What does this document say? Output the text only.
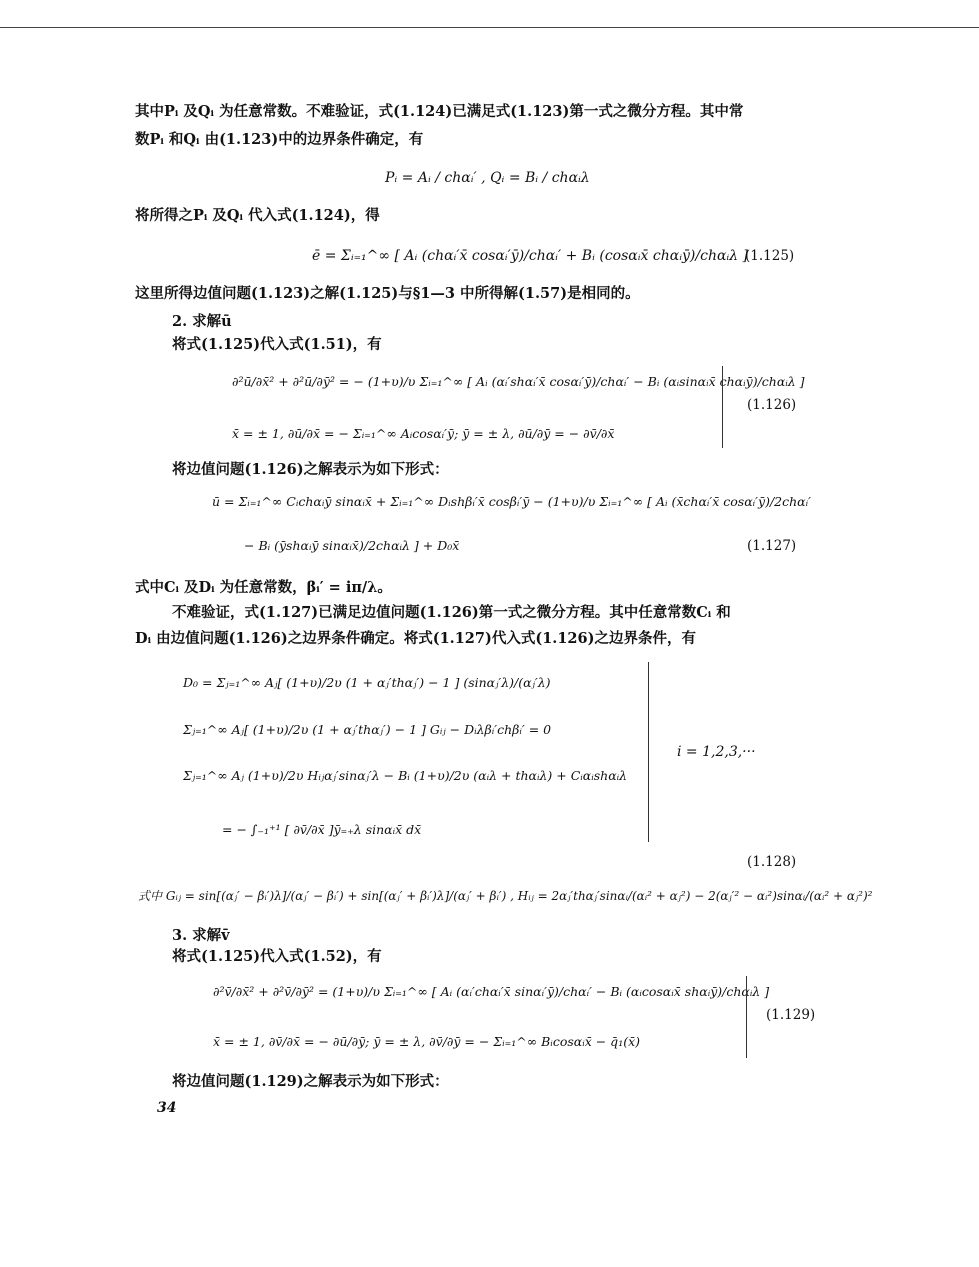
其中Pᵢ 及Qᵢ 为任意常数。不难验证，式(1.124)已满足式(1.123)第一式之微分方程。其中常
数Pᵢ 和Qᵢ 由(1.123)中的边界条件确定，有
Pᵢ = Aᵢ / chαᵢ′ , Qᵢ = Bᵢ / chαᵢλ
将所得之Pᵢ 及Qᵢ 代入式(1.124)，得
ē = Σᵢ₌₁^∞ [ Aᵢ (chαᵢ′x̄ cosαᵢ′ȳ)/chαᵢ′ + Bᵢ (cosαᵢx̄ chαᵢȳ)/chαᵢλ ]
(1.125)
这里所得边值问题(1.123)之解(1.125)与§1—3 中所得解(1.57)是相同的。
2. 求解ū
将式(1.125)代入式(1.51)，有
∂²ū/∂x̄² + ∂²ū/∂ȳ² = − (1+υ)/υ Σᵢ₌₁^∞ [ Aᵢ (αᵢ′shαᵢ′x̄ cosαᵢ′ȳ)/chαᵢ′ − Bᵢ (αᵢsinαᵢx̄ chαᵢȳ)/chαᵢλ ]
x̄ = ± 1, ∂ū/∂x̄ = − Σᵢ₌₁^∞ Aᵢcosαᵢ′ȳ; ȳ = ± λ, ∂ū/∂ȳ = − ∂v̄/∂x̄
(1.126)
将边值问题(1.126)之解表示为如下形式：
ū = Σᵢ₌₁^∞ Cᵢchαᵢȳ sinαᵢx̄ + Σᵢ₌₁^∞ Dᵢshβᵢ′x̄ cosβᵢ′ȳ − (1+υ)/υ Σᵢ₌₁^∞ [ Aᵢ (x̄chαᵢ′x̄ cosαᵢ′ȳ)/2chαᵢ′
− Bᵢ (ȳshαᵢȳ sinαᵢx̄)/2chαᵢλ ] + D₀x̄	(1.127)
式中Cᵢ 及Dᵢ 为任意常数，βᵢ′ = iπ/λ。
不难验证，式(1.127)已满足边值问题(1.126)第一式之微分方程。其中任意常数Cᵢ 和
Dᵢ 由边值问题(1.126)之边界条件确定。将式(1.127)代入式(1.126)之边界条件，有
D₀ = Σⱼ₌₁^∞ Aⱼ[ (1+υ)/2υ (1 + αⱼ′thαⱼ′) − 1 ] (sinαⱼ′λ)/(αⱼ′λ)
Σⱼ₌₁^∞ Aⱼ[ (1+υ)/2υ (1 + αⱼ′thαⱼ′) − 1 ] Gᵢⱼ − Dᵢλβᵢ′chβᵢ′ = 0
Σⱼ₌₁^∞ Aⱼ (1+υ)/2υ Hᵢⱼαⱼ′sinαⱼ′λ − Bᵢ (1+υ)/2υ (αᵢλ + thαᵢλ) + Cᵢαᵢshαᵢλ
= − ∫₋₁⁺¹ [ ∂v̄/∂x̄ ]ȳ₌₊λ sinαᵢx̄ dx̄
i = 1,2,3,···
(1.128)
式中 Gᵢⱼ = sin[(αⱼ′ − βᵢ′)λ]/(αⱼ′ − βᵢ′) + sin[(αⱼ′ + βᵢ′)λ]/(αⱼ′ + βᵢ′) , Hᵢⱼ = 2αⱼ′thαⱼ′sinαᵢ/(αᵢ² + αⱼ²) − 2(αⱼ′² − αᵢ²)sinαᵢ/(αᵢ² + αⱼ²)²
3. 求解v̄
将式(1.125)代入式(1.52)，有
∂²v̄/∂x̄² + ∂²v̄/∂ȳ² = (1+υ)/υ Σᵢ₌₁^∞ [ Aᵢ (αᵢ′chαᵢ′x̄ sinαᵢ′ȳ)/chαᵢ′ − Bᵢ (αᵢcosαᵢx̄ shαᵢȳ)/chαᵢλ ]
x̄ = ± 1, ∂v̄/∂x̄ = − ∂ū/∂ȳ; ȳ = ± λ, ∂v̄/∂ȳ = − Σᵢ₌₁^∞ Bᵢcosαᵢx̄ − q̄₁(x̄)
(1.129)
将边值问题(1.129)之解表示为如下形式：
34
